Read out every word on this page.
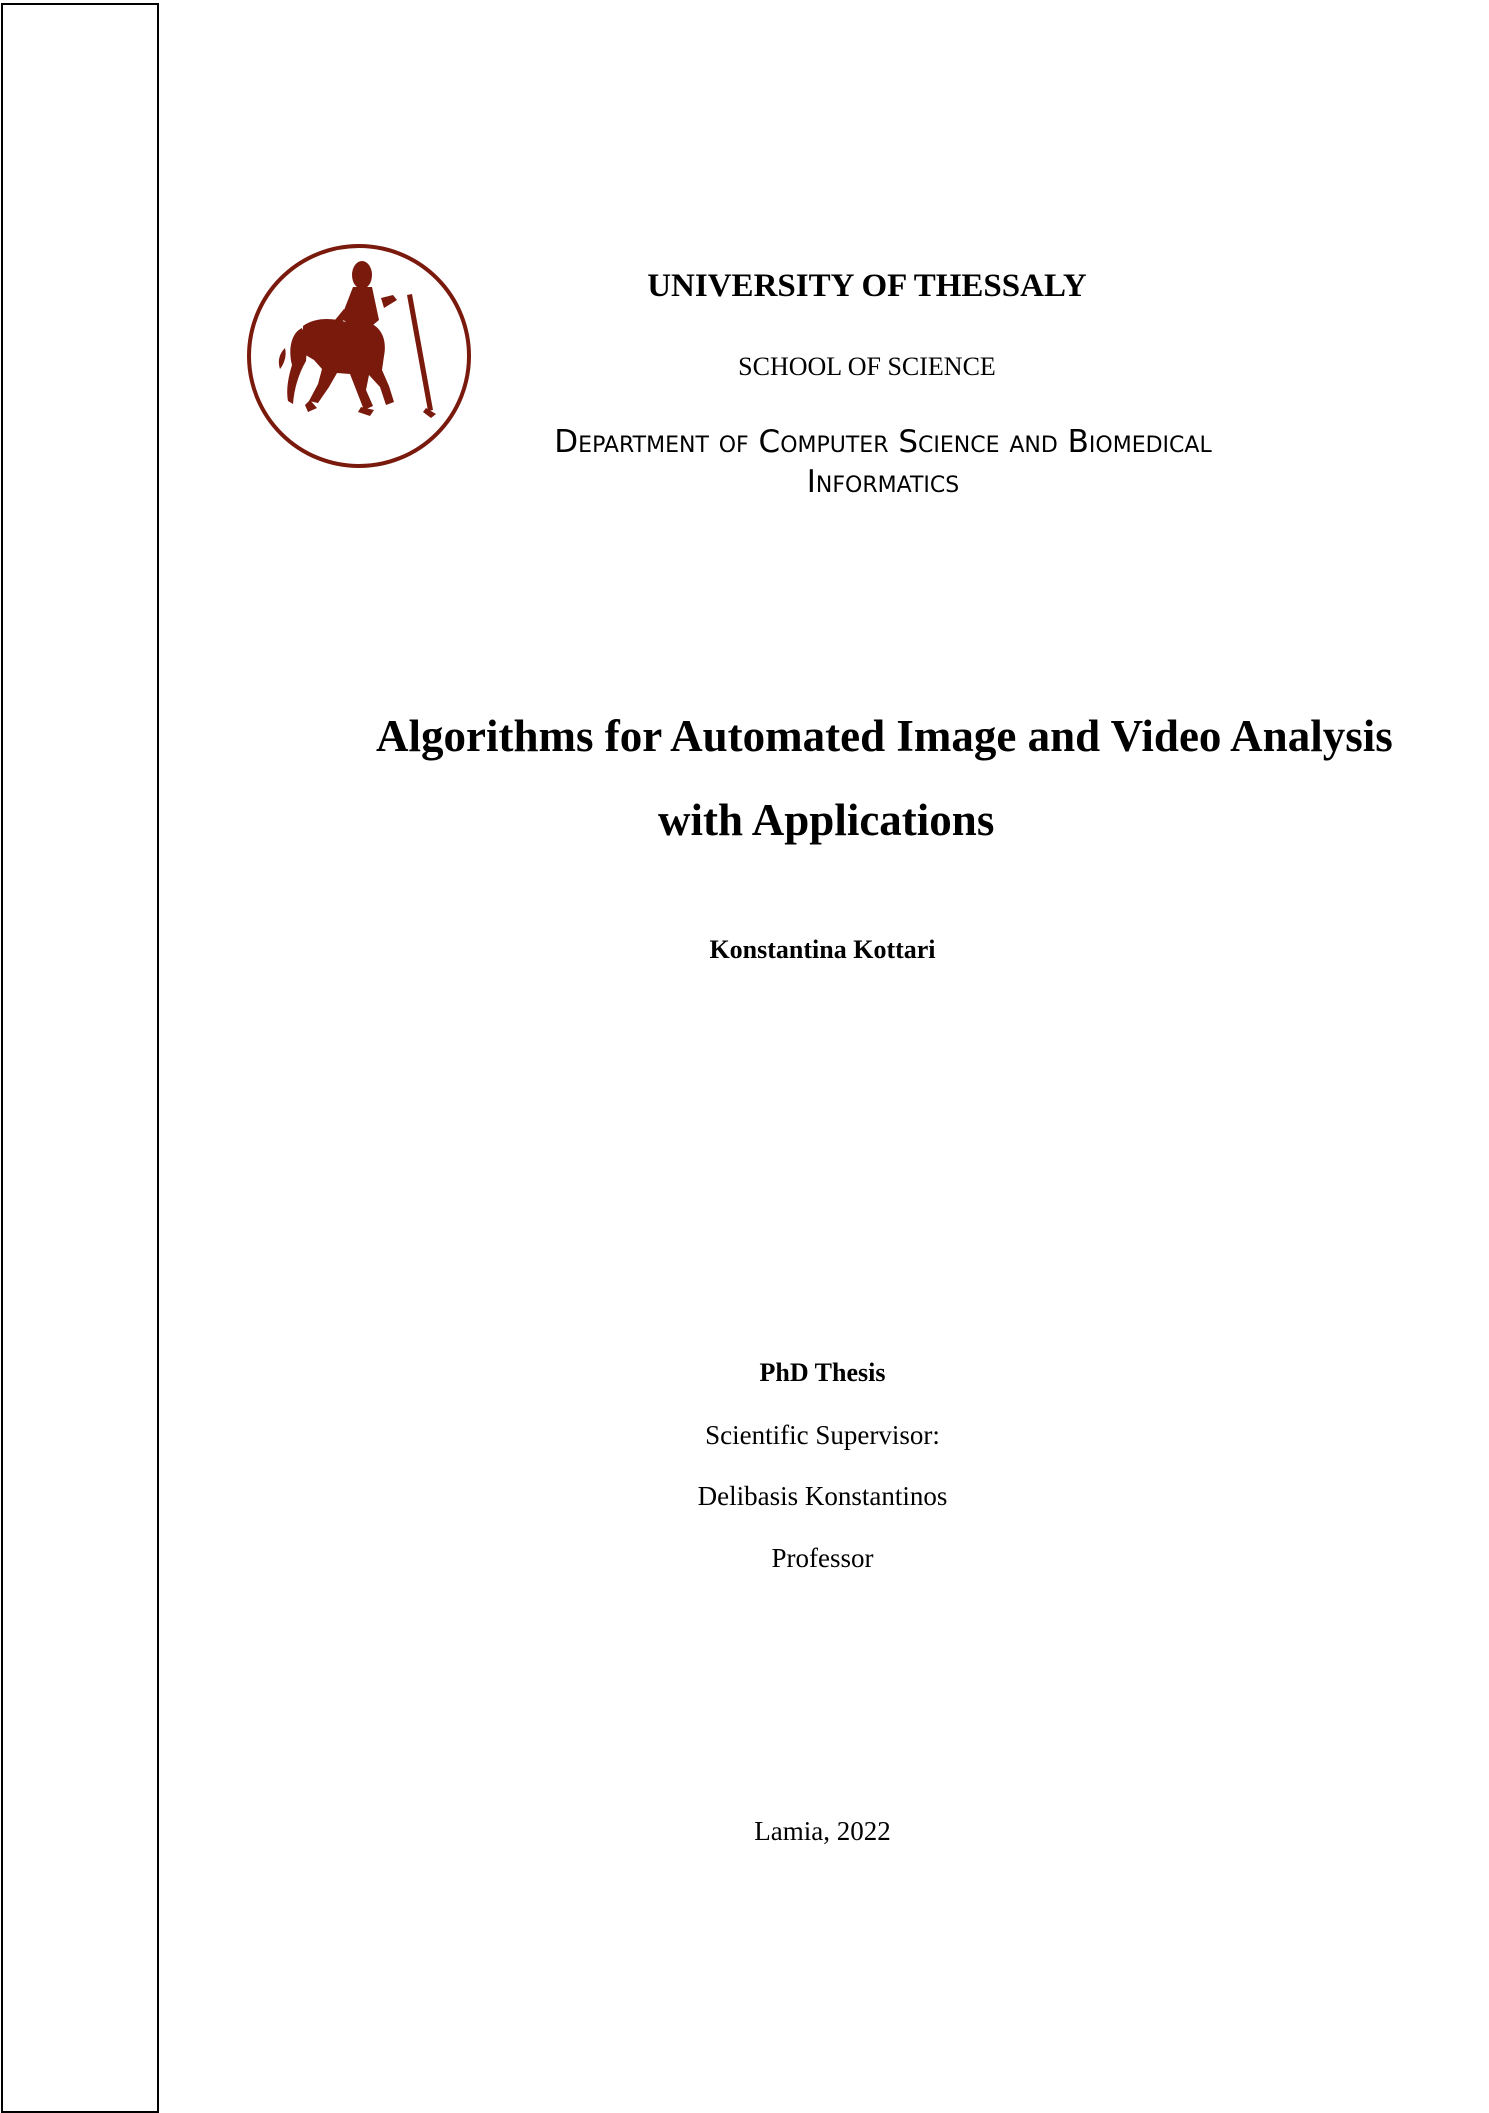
UNIVERSITY OF THESSALY
SCHOOL OF SCIENCE
Department of Computer Science and Biomedical Informatics
Algorithms for Automated Image and Video Analysis
with Applications
Konstantina Kottari
PhD Thesis
Scientific Supervisor:
Delibasis Konstantinos
Professor
Lamia, 2022
